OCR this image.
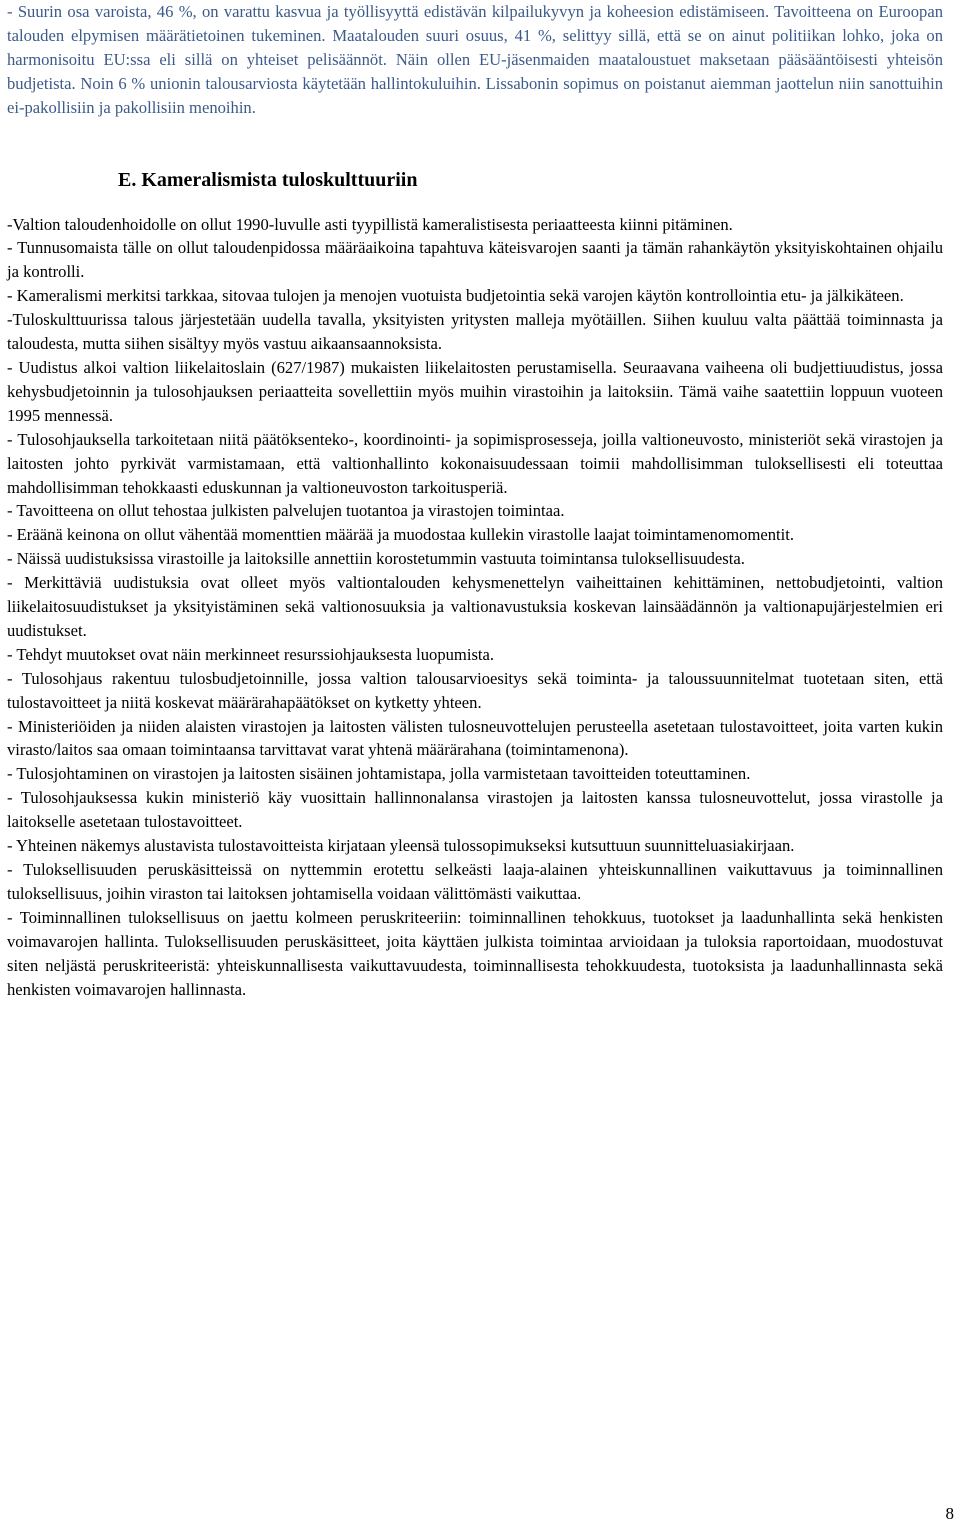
- Suurin osa varoista, 46 %, on varattu kasvua ja työllisyyttä edistävän kilpailukyvyn ja koheesion edistämiseen. Tavoitteena on Euroopan talouden elpymisen määrätietoinen tukeminen. Maatalouden suuri osuus, 41 %, selittyy sillä, että se on ainut politiikan lohko, joka on harmonisoitu EU:ssa eli sillä on yhteiset pelisäännöt. Näin ollen EU-jäsenmaiden maataloustuet maksetaan pääsääntöisesti yhteisön budjetista. Noin 6 % unionin talousarviosta käytetään hallintokuluihin. Lissabonin sopimus on poistanut aiemman jaottelun niin sanottuihin ei-pakollisiin ja pakollisiin menoihin.

E. Kameralismista tuloskulttuuriin

-Valtion taloudenhoidolle on ollut 1990-luvulle asti tyypillistä kameralistisesta periaatteesta kiinni pitäminen.

- Tunnusomaista tälle on ollut taloudenpidossa määräaikoina tapahtuva käteisvarojen saanti ja tämän rahankäytön yksityiskohtainen ohjailu ja kontrolli.

- Kameralismi merkitsi tarkkaa, sitovaa tulojen ja menojen vuotuista budjetointia sekä varojen käytön kontrollointia etu- ja jälkikäteen.

-Tuloskulttuurissa talous järjestetään uudella tavalla, yksityisten yritysten malleja myötäillen. Siihen kuuluu valta päättää toiminnasta ja taloudesta, mutta siihen sisältyy myös vastuu aikaansaannoksista.

- Uudistus alkoi valtion liikelaitoslain (627/1987) mukaisten liikelaitosten perustamisella. Seuraavana vaiheena oli budjettiuudistus, jossa kehysbudjetoinnin ja tulosohjauksen periaatteita sovellettiin myös muihin virastoihin ja laitoksiin. Tämä vaihe saatettiin loppuun vuoteen 1995 mennessä.

- Tulosohjauksella tarkoitetaan niitä päätöksenteko-, koordinointi- ja sopimisprosesseja, joilla valtioneuvosto, ministeriöt sekä virastojen ja laitosten johto pyrkivät varmistamaan, että valtionhallinto kokonaisuudessaan toimii mahdollisimman tuloksellisesti eli toteuttaa mahdollisimman tehokkaasti eduskunnan ja valtioneuvoston tarkoitusperiä.

- Tavoitteena on ollut tehostaa julkisten palvelujen tuotantoa ja virastojen toimintaa.

- Eräänä keinona on ollut vähentää momenttien määrää ja muodostaa kullekin virastolle laajat toimintamenomomentit.

- Näissä uudistuksissa virastoille ja laitoksille annettiin korostetummin vastuuta toimintansa tuloksellisuudesta.

- Merkittäviä uudistuksia ovat olleet myös valtiontalouden kehysmenettelyn vaiheittainen kehittäminen, nettobudjetointi, valtion liikelaitosuudistukset ja yksityistäminen sekä valtionosuuksia ja valtionavustuksia koskevan lainsäädännön ja valtionapujärjestelmien eri uudistukset.

- Tehdyt muutokset ovat näin merkinneet resurssiohjauksesta luopumista.

- Tulosohjaus rakentuu tulosbudjetoinnille, jossa valtion talousarvioesitys sekä toiminta- ja taloussuunnitelmat tuotetaan siten, että tulostavoitteet ja niitä koskevat määrärahapäätökset on kytketty yhteen.

- Ministeriöiden ja niiden alaisten virastojen ja laitosten välisten tulosneuvottelujen perusteella asetetaan tulostavoitteet, joita varten kukin virasto/laitos saa omaan toimintaansa tarvittavat varat yhtenä määrärahana (toimintamenona).

- Tulosjohtaminen on virastojen ja laitosten sisäinen johtamistapa, jolla varmistetaan tavoitteiden toteuttaminen.

- Tulosohjauksessa kukin ministeriö käy vuosittain hallinnonalansa virastojen ja laitosten kanssa tulosneuvottelut, jossa virastolle ja laitokselle asetetaan tulostavoitteet.

- Yhteinen näkemys alustavista tulostavoitteista kirjataan yleensä tulossopimukseksi kutsuttuun suunnitteluasiakirjaan.

- Tuloksellisuuden peruskäsitteissä on nyttemmin erotettu selkeästi laaja-alainen yhteiskunnallinen vaikuttavuus ja toiminnallinen tuloksellisuus, joihin viraston tai laitoksen johtamisella voidaan välittömästi vaikuttaa.

- Toiminnallinen tuloksellisuus on jaettu kolmeen peruskriteeriin: toiminnallinen tehokkuus, tuotokset ja laadunhallinta sekä henkisten voimavarojen hallinta. Tuloksellisuuden peruskäsitteet, joita käyttäen julkista toimintaa arvioidaan ja tuloksia raportoidaan, muodostuvat siten neljästä peruskriteeristä: yhteiskunnallisesta vaikuttavuudesta, toiminnallisesta tehokkuudesta, tuotoksista ja laadunhallinnasta sekä henkisten voimavarojen hallinnasta.

8
